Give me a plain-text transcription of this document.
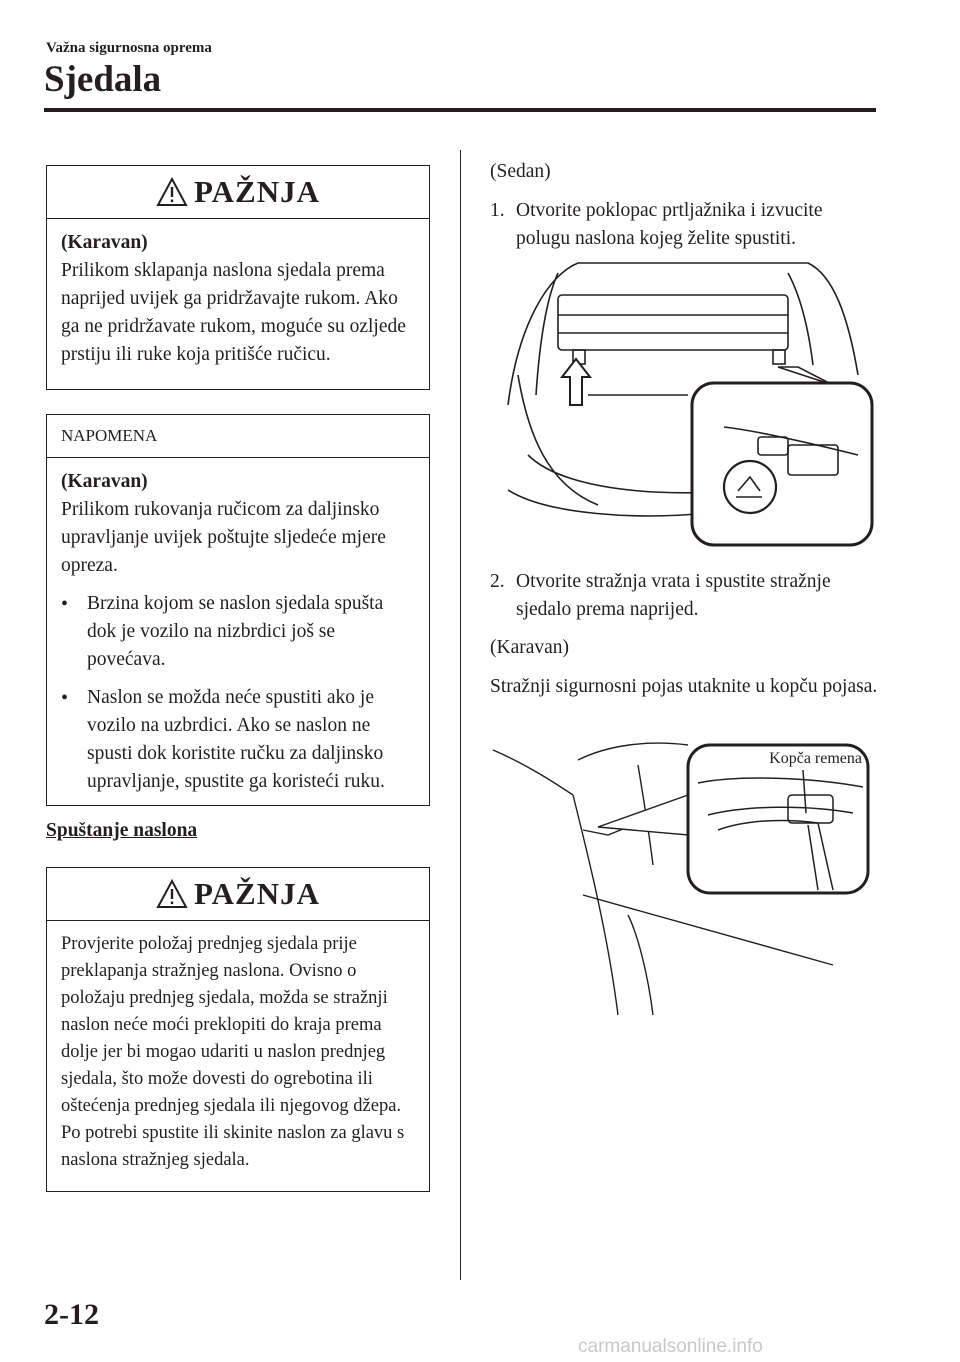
Važna sigurnosna oprema
Sjedala
PAŽNJA

(Karavan)

Prilikom sklapanja naslona sjedala prema naprijed uvijek ga pridržavajte rukom. Ako ga ne pridržavate rukom, moguće su ozljede prstiju ili ruke koja pritišće ručicu.

NAPOMENA

(Karavan)

Prilikom rukovanja ručicom za daljinsko upravljanje uvijek poštujte sljedeće mjere opreza.

• Brzina kojom se naslon sjedala spušta dok je vozilo na nizbrdici još se povećava.
• Naslon se možda neće spustiti ako je vozilo na uzbrdici. Ako se naslon ne spusti dok koristite ručku za daljinsko upravljanje, spustite ga koristeći ruku.
Spuštanje naslona
PAŽNJA

Provjerite položaj prednjeg sjedala prije preklapanja stražnjeg naslona. Ovisno o položaju prednjeg sjedala, možda se stražnji naslon neće moći preklopiti do kraja prema dolje jer bi mogao udariti u naslon prednjeg sjedala, što može dovesti do ogrebotina ili oštećenja prednjeg sjedala ili njegovog džepa.

Po potrebi spustite ili skinite naslon za glavu s naslona stražnjeg sjedala.

(Sedan)
1. Otvorite poklopac prtljažnika i izvucite polugu naslona kojeg želite spustiti.
2. Otvorite stražnja vrata i spustite stražnje sjedalo prema naprijed.
(Karavan)
Stražnji sigurnosni pojas utaknite u kopču pojasa.
Kopča remena
2-12
carmanualsonline.info
